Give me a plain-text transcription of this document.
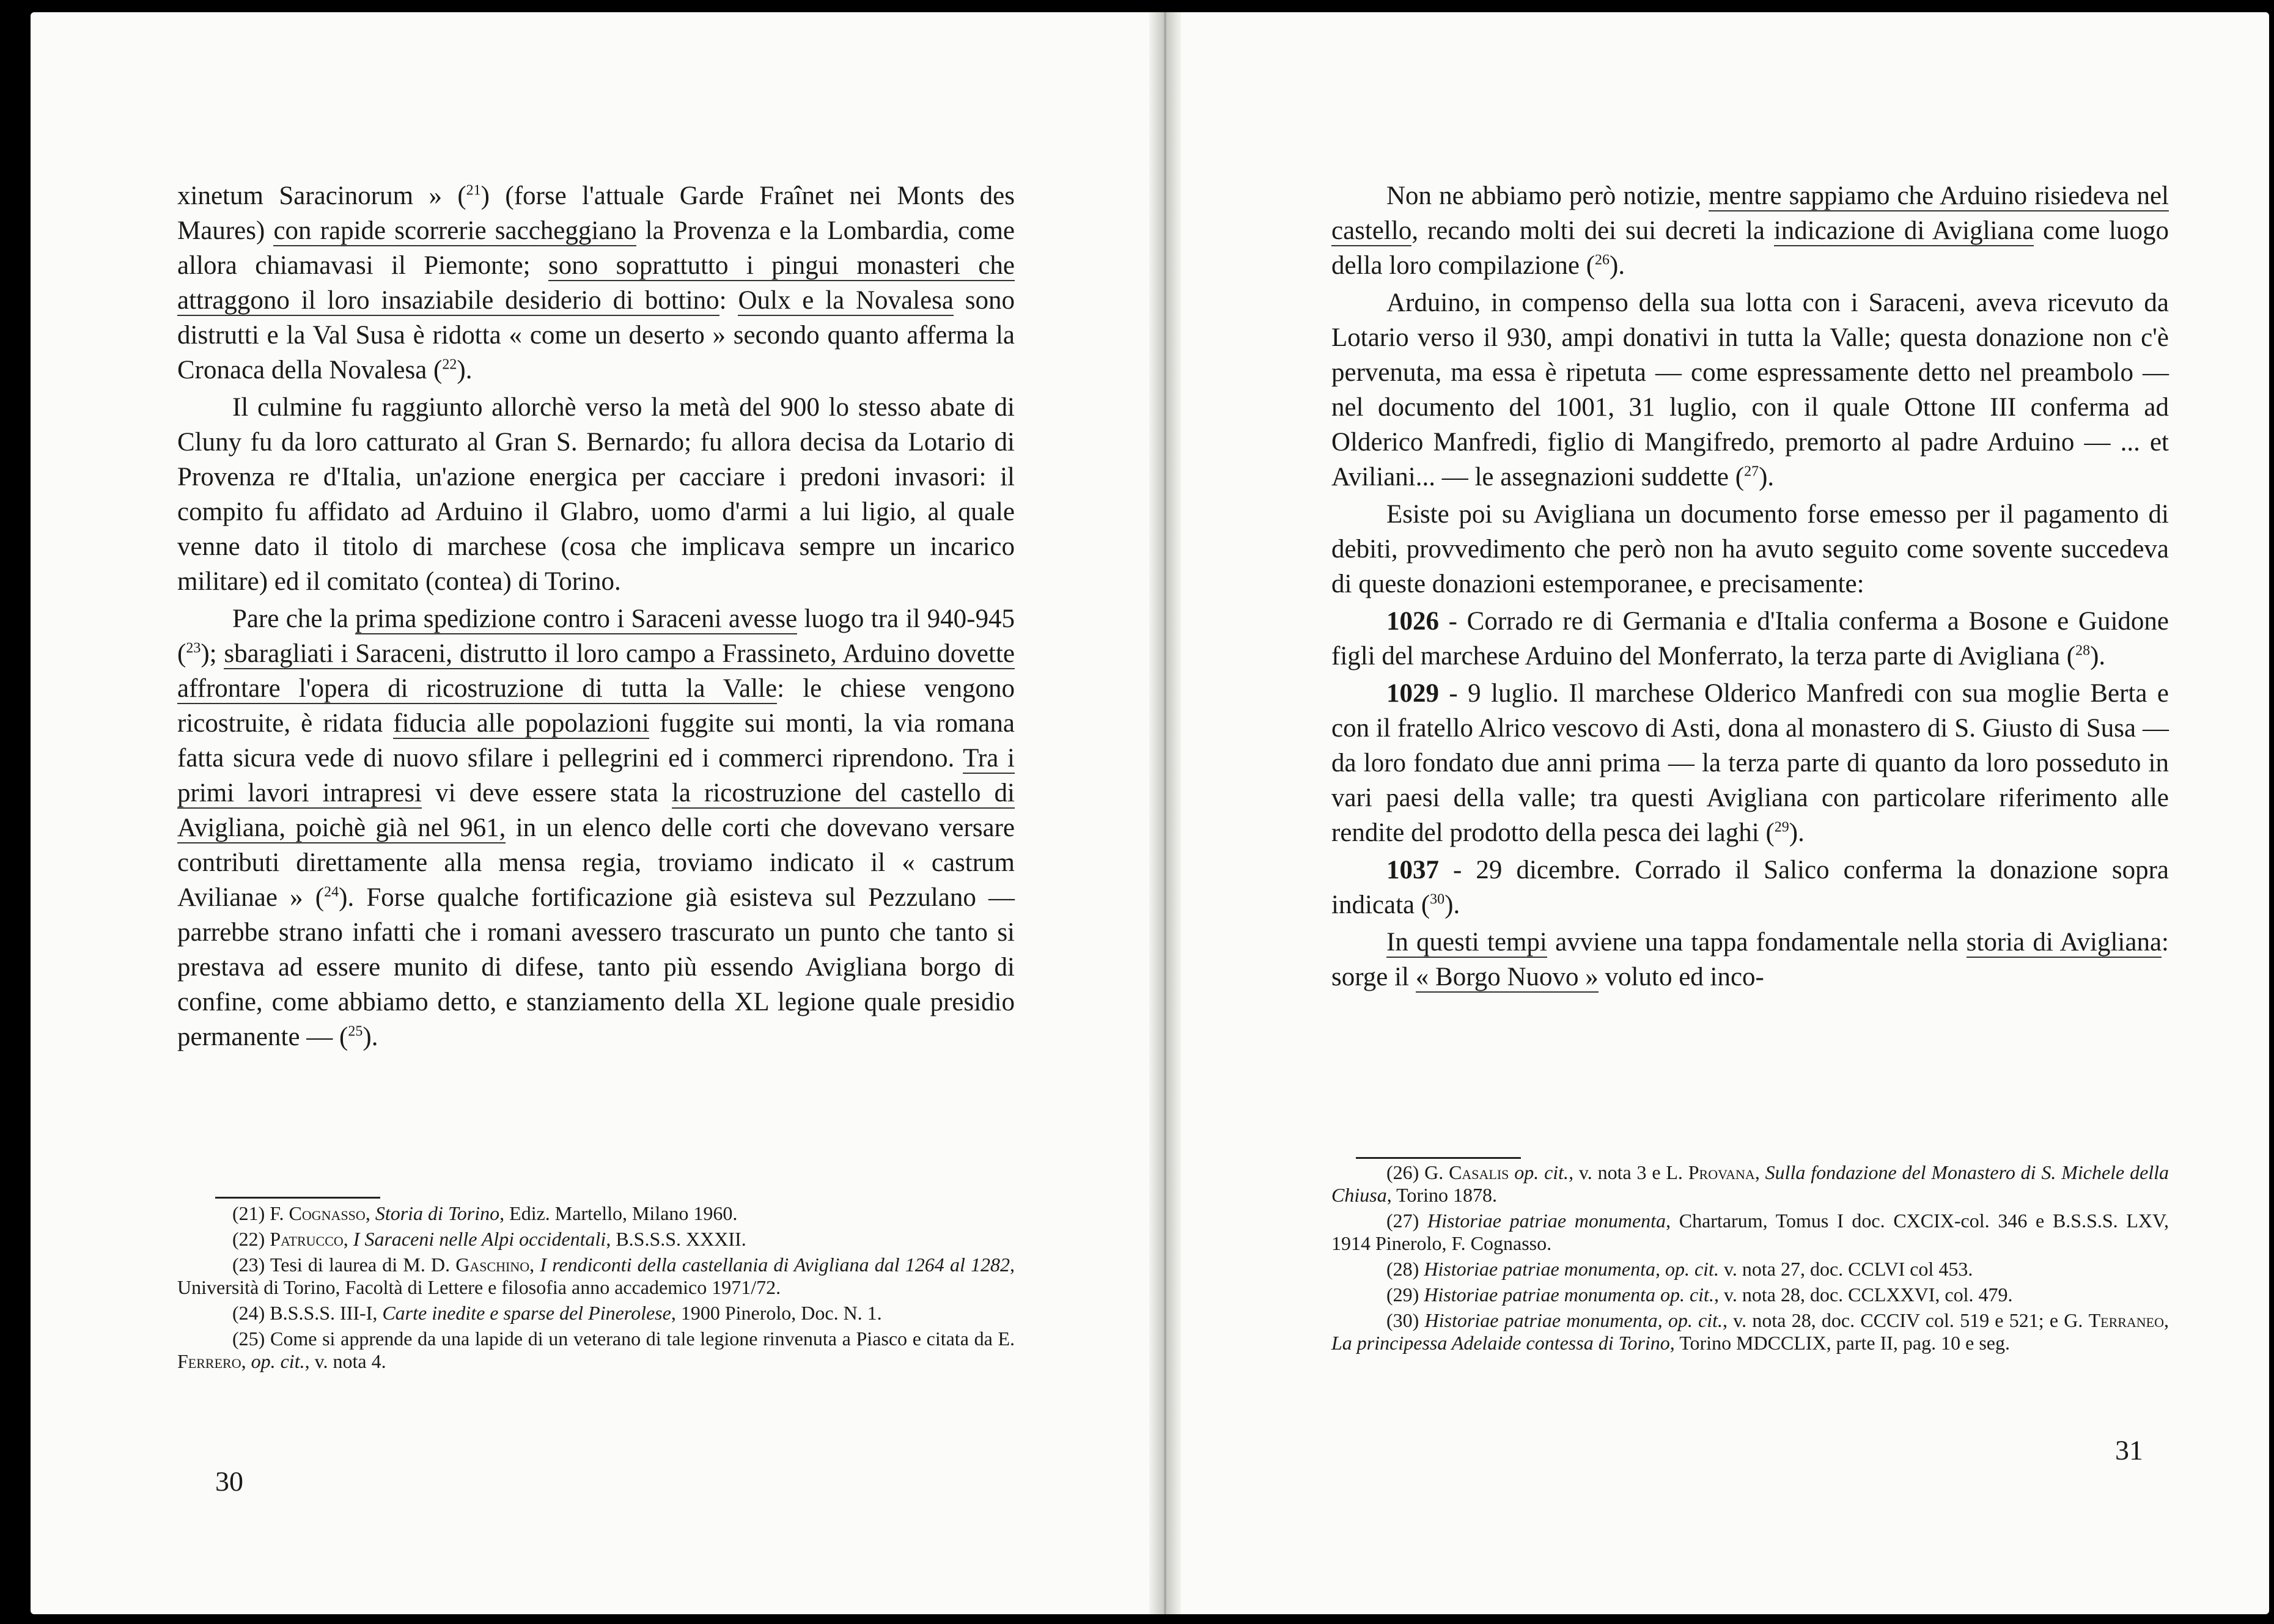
xinetum Saracinorum » ($^{21}$) (forse l'attuale Garde Fraînet nei Monts des Maures) con rapide scorrerie saccheggiano la Provenza e la Lombardia, come allora chiamavasi il Piemonte; sono soprattutto i pingui monasteri che attraggono il loro insaziabile desiderio di bottino: Oulx e la Novalesa sono distrutti e la Val Susa è ridotta « come un deserto » secondo quanto afferma la Cronaca della Novalesa ($^{22}$).

Il culmine fu raggiunto allorchè verso la metà del 900 lo stesso abate di Cluny fu da loro catturato al Gran S. Bernardo; fu allora decisa da Lotario di Provenza re d'Italia, un'azione energica per cacciare i predoni invasori: il compito fu affidato ad Arduino il Glabro, uomo d'armi a lui ligio, al quale venne dato il titolo di marchese (cosa che implicava sempre un incarico militare) ed il comitato (contea) di Torino.

Pare che la prima spedizione contro i Saraceni avesse luogo tra il 940-945 ($^{23}$); sbaragliati i Saraceni, distrutto il loro campo a Frassineto, Arduino dovette affrontare l'opera di ricostruzione di tutta la Valle: le chiese vengono ricostruite, è ridata fiducia alle popolazioni fuggite sui monti, la via romana fatta sicura vede di nuovo sfilare i pellegrini ed i commerci riprendono. Tra i primi lavori intrapresi vi deve essere stata la ricostruzione del castello di Avigliana, poichè già nel 961, in un elenco delle corti che dovevano versare contributi direttamente alla mensa regia, troviamo indicato il « castrum Avilianae » ($^{24}$). Forse qualche fortificazione già esisteva sul Pezzulano — parrebbe strano infatti che i romani avessero trascurato un punto che tanto si prestava ad essere munito di difese, tanto più essendo Avigliana borgo di confine, come abbiamo detto, e stanziamento della XL legione quale presidio permanente — ($^{25}$).

(21) F. Cognasso, Storia di Torino, Ediz. Martello, Milano 1960.
(22) Patrucco, I Saraceni nelle Alpi occidentali, B.S.S.S. XXXII.
(23) Tesi di laurea di M. D. Gaschino, I rendiconti della castellania di Avigliana dal 1264 al 1282, Università di Torino, Facoltà di Lettere e filosofia anno accademico 1971/72.
(24) B.S.S.S. III-I, Carte inedite e sparse del Pinerolese, 1900 Pinerolo, Doc. N. 1.
(25) Come si apprende da una lapide di un veterano di tale legione rinvenuta a Piasco e citata da E. Ferrero, op. cit., v. nota 4.
30

Non ne abbiamo però notizie, mentre sappiamo che Arduino risiedeva nel castello, recando molti dei sui decreti la indicazione di Avigliana come luogo della loro compilazione ($^{26}$).

Arduino, in compenso della sua lotta con i Saraceni, aveva ricevuto da Lotario verso il 930, ampi donativi in tutta la Valle; questa donazione non c'è pervenuta, ma essa è ripetuta — come espressamente detto nel preambolo — nel documento del 1001, 31 luglio, con il quale Ottone III conferma ad Olderico Manfredi, figlio di Mangifredo, premorto al padre Arduino — ... et Aviliani... — le assegnazioni suddette ($^{27}$).

Esiste poi su Avigliana un documento forse emesso per il pagamento di debiti, provvedimento che però non ha avuto seguito come sovente succedeva di queste donazioni estemporanee, e precisamente:

1026 - Corrado re di Germania e d'Italia conferma a Bosone e Guidone figli del marchese Arduino del Monferrato, la terza parte di Avigliana ($^{28}$).

1029 - 9 luglio. Il marchese Olderico Manfredi con sua moglie Berta e con il fratello Alrico vescovo di Asti, dona al monastero di S. Giusto di Susa — da loro fondato due anni prima — la terza parte di quanto da loro posseduto in vari paesi della valle; tra questi Avigliana con particolare riferimento alle rendite del prodotto della pesca dei laghi ($^{29}$).

1037 - 29 dicembre. Corrado il Salico conferma la donazione sopra indicata ($^{30}$).

In questi tempi avviene una tappa fondamentale nella storia di Avigliana: sorge il « Borgo Nuovo » voluto ed inco-

(26) G. Casalis op. cit., v. nota 3 e L. Provana, Sulla fondazione del Monastero di S. Michele della Chiusa, Torino 1878.
(27) Historiae patriae monumenta, Chartarum, Tomus I doc. CXCIX-col. 346 e B.S.S.S. LXV, 1914 Pinerolo, F. Cognasso.
(28) Historiae patriae monumenta, op. cit. v. nota 27, doc. CCLVI col 453.
(29) Historiae patriae monumenta op. cit., v. nota 28, doc. CCLXXVI, col. 479.
(30) Historiae patriae monumenta, op. cit., v. nota 28, doc. CCCIV col. 519 e 521; e G. Terraneo, La principessa Adelaide contessa di Torino, Torino MDCCLIX, parte II, pag. 10 e seg.
31
